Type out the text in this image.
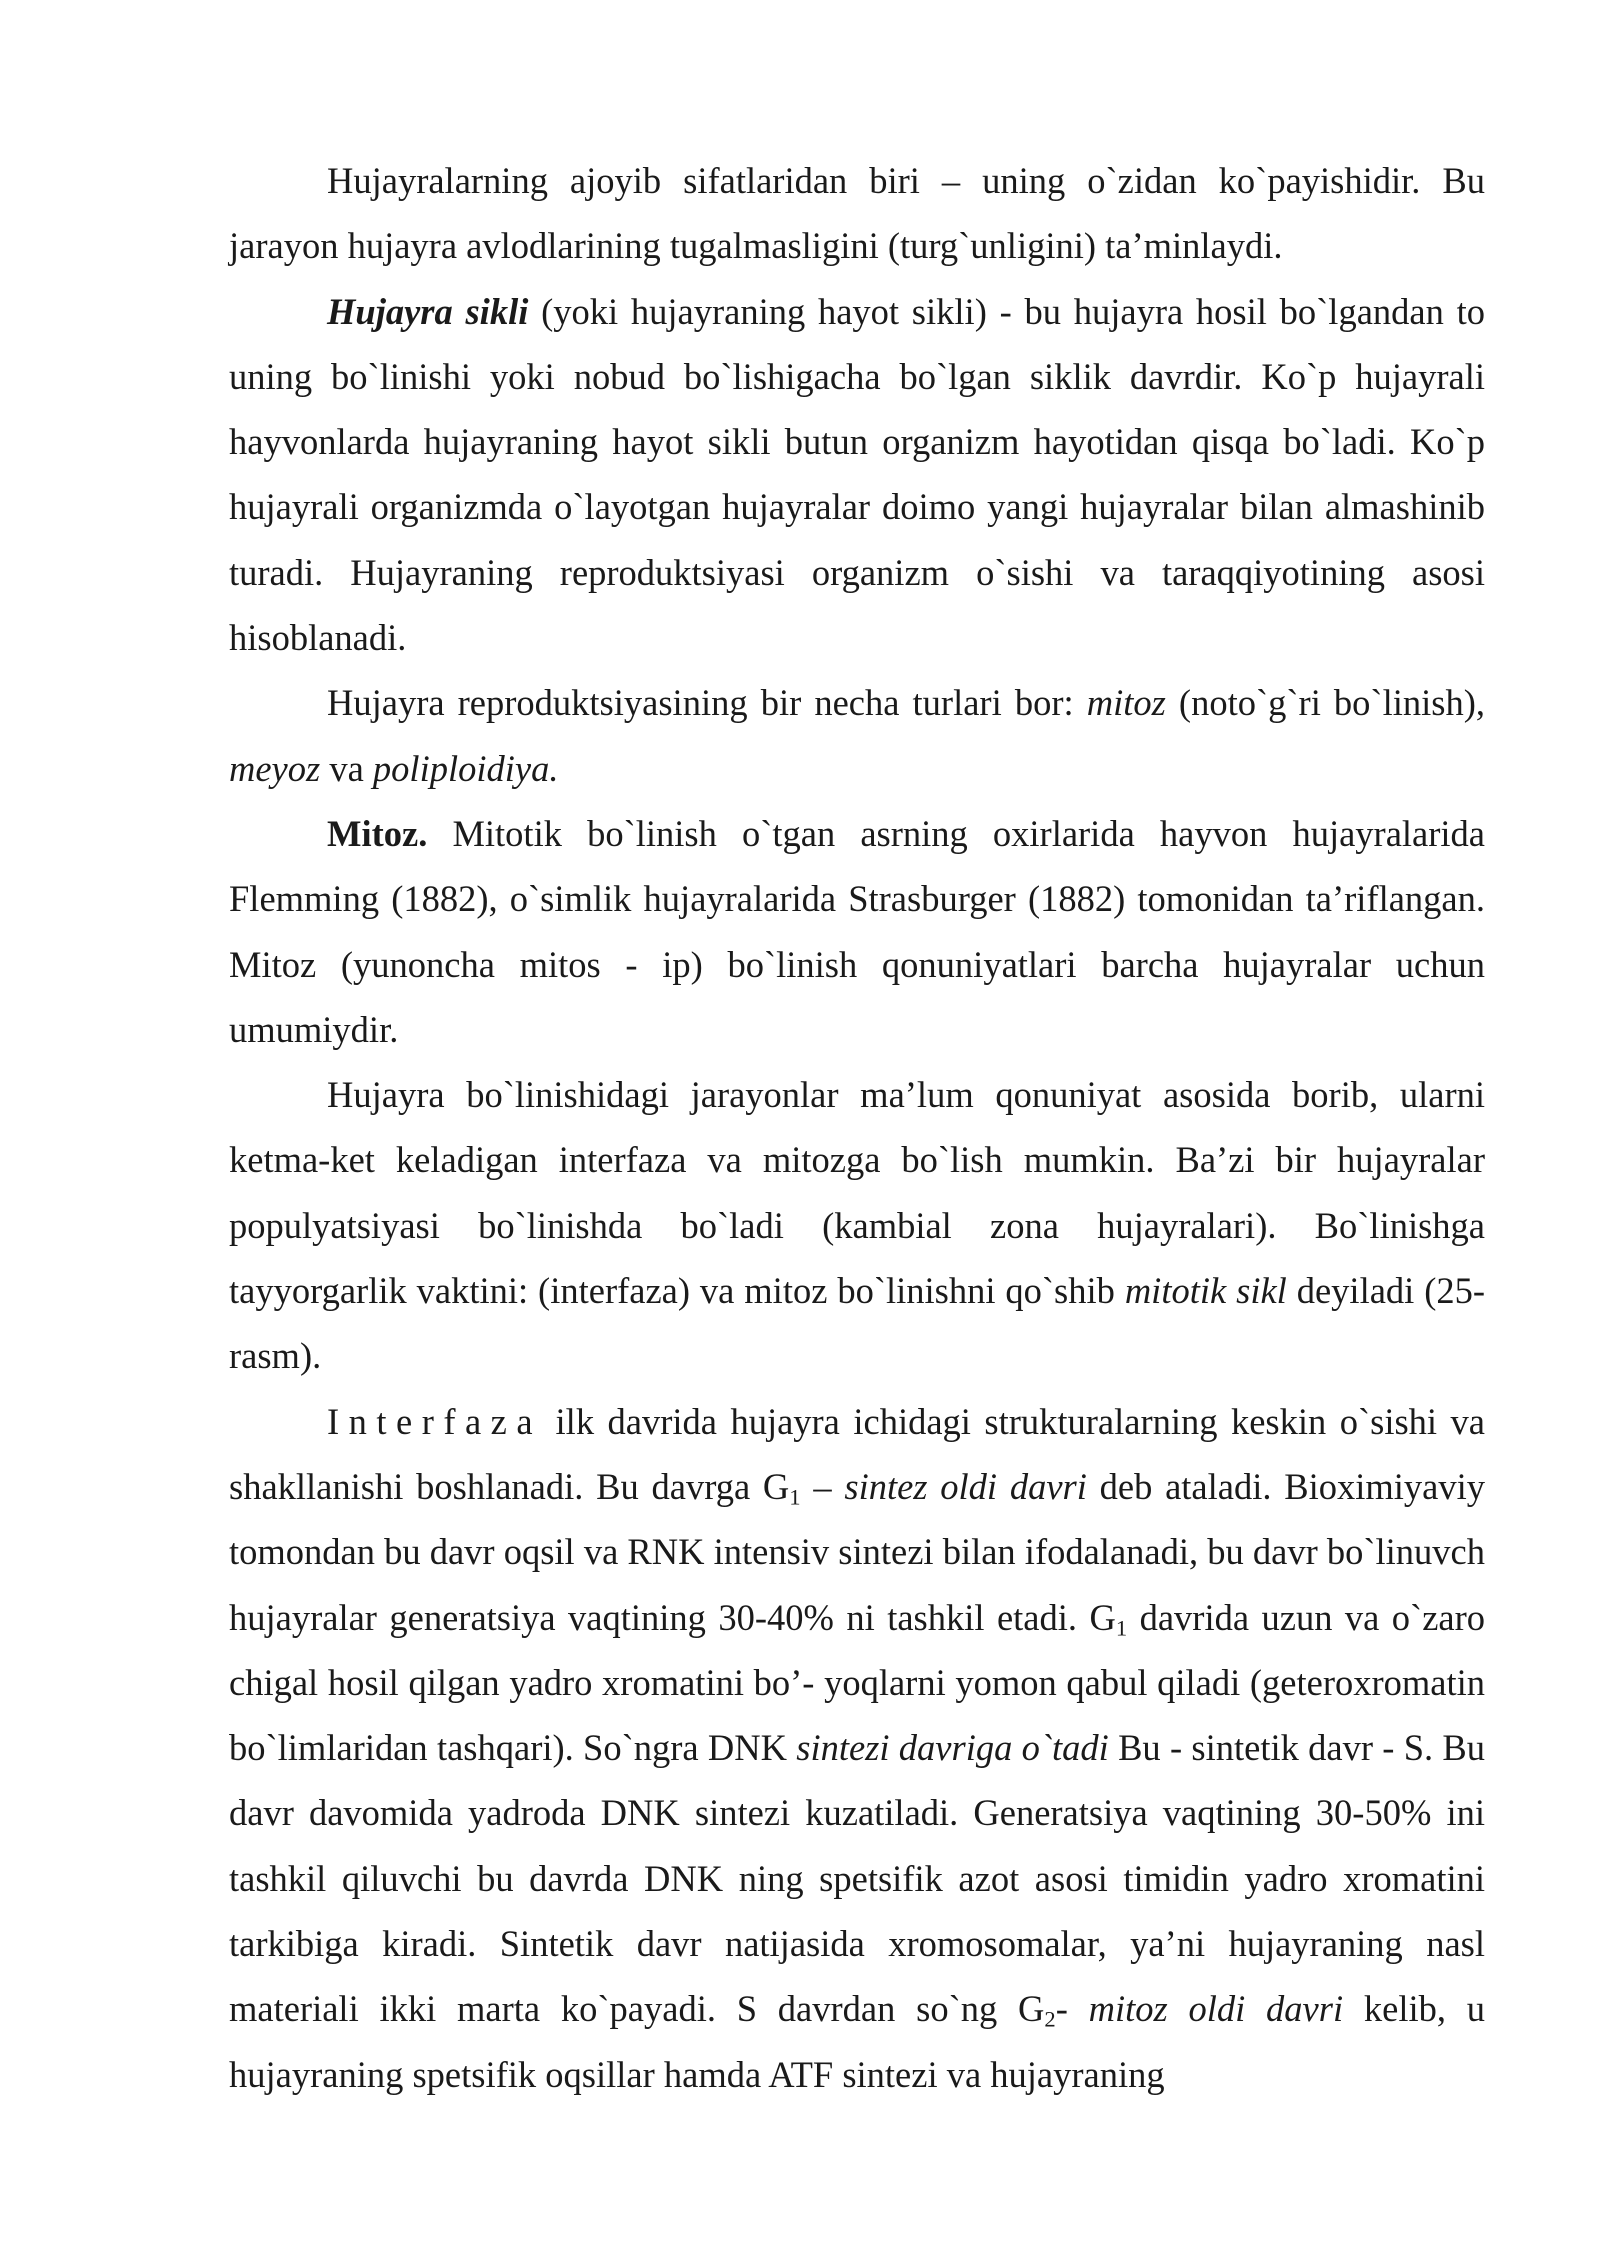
Hujayralarning ajoyib sifatlaridan biri – uning o`zidan ko`payishidir. Bu jarayon hujayra avlodlarining tugalmasligini (turg`unligini) ta’minlaydi.

Hujayra sikli (yoki hujayraning hayot sikli) - bu hujayra hosil bo`lgandan to uning bo`linishi yoki nobud bo`lishigacha bo`lgan siklik davrdir. Ko`p hujayrali hayvonlarda hujayraning hayot sikli butun organizm hayotidan qisqa bo`ladi. Ko`p hujayrali organizmda o`layotgan hujayralar doimo yangi hujayralar bilan almashinib turadi. Hujayraning reproduktsiyasi organizm o`sishi va taraqqiyotining asosi hisoblanadi.

Hujayra reproduktsiyasining bir necha turlari bor: mitoz (noto`g`ri bo`linish), meyoz va poliploidiya.

Mitoz. Mitotik bo`linish o`tgan asrning oxirlarida hayvon hujayralarida Flemming (1882), o`simlik hujayralarida Strasburger (1882) tomonidan ta’riflangan. Mitoz (yunoncha mitos - ip) bo`linish qonuniyatlari barcha hujayralar uchun umumiydir.

Hujayra bo`linishidagi jarayonlar ma’lum qonuniyat asosida borib, ularni ketma-ket keladigan interfaza va mitozga bo`lish mumkin. Ba’zi bir hujayralar populyatsiyasi bo`linishda bo`ladi (kambial zona hujayralari). Bo`linishga tayyorgarlik vaktini: (interfaza) va mitoz bo`linishni qo`shib mitotik sikl deyiladi (25-rasm).

Interfaza ilk davrida hujayra ichidagi strukturalarning keskin o`sishi va shakllanishi boshlanadi. Bu davrga $G_1$ – sintez oldi davri deb ataladi. Bioximiyaviy tomondan bu davr oqsil va RNK intensiv sintezi bilan ifodalanadi, bu davr bo`linuvch hujayralar generatsiya vaqtining 30-40% ni tashkil etadi. $G_1$ davrida uzun va o`zaro chigal hosil qilgan yadro xromatini bo’- yoqlarni yomon qabul qiladi (geteroxromatin bo`limlaridan tashqari). So`ngra DNK sintezi davriga o`tadi Bu - sintetik davr - S. Bu davr davomida yadroda DNK sintezi kuzatiladi. Generatsiya vaqtining 30-50% ini tashkil qiluvchi bu davrda DNK ning spetsifik azot asosi timidin yadro xromatini tarkibiga kiradi. Sintetik davr natijasida xromosomalar, ya’ni hujayraning nasl materiali ikki marta ko`payadi. S davrdan so`ng $G_2-$ mitoz oldi davri kelib, u hujayraning spetsifik oqsillar hamda ATF sintezi va hujayraning
